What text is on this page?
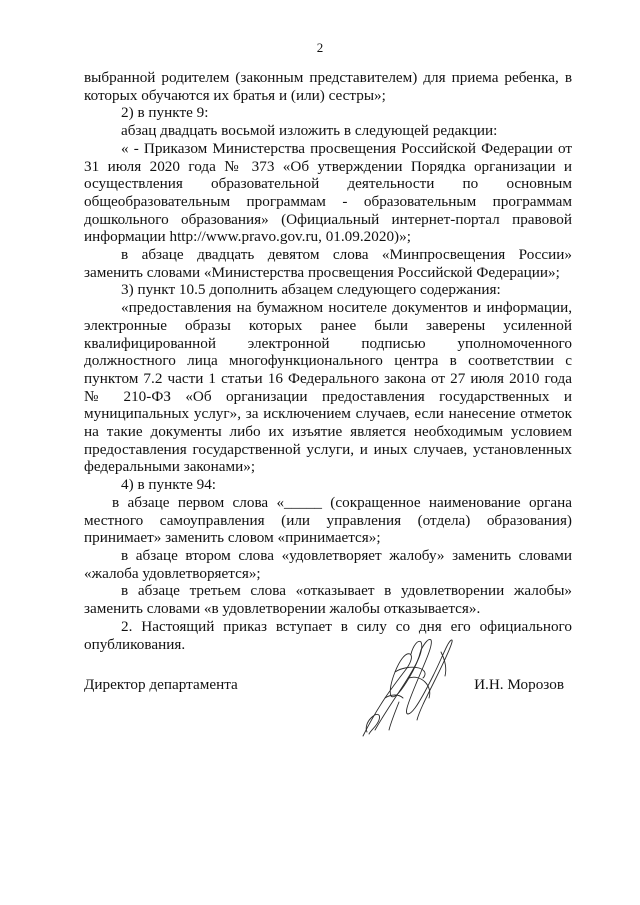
2

выбранной родителем (законным представителем) для приема ребенка, в которых обучаются их братья и (или) сестры»;

2) в пункте 9:

абзац двадцать восьмой изложить в следующей редакции:

« - Приказом Министерства просвещения Российской Федерации от 31 июля 2020 года № 373 «Об утверждении Порядка организации и осуществления образовательной деятельности по основным общеобразовательным программам - образовательным программам дошкольного образования» (Официальный интернет-портал правовой информации http://www.pravo.gov.ru, 01.09.2020)»;

в абзаце двадцать девятом слова «Минпросвещения России» заменить словами «Министерства просвещения Российской Федерации»;

3) пункт 10.5 дополнить абзацем следующего содержания:

«предоставления на бумажном носителе документов и информации, электронные образы которых ранее были заверены усиленной квалифицированной электронной подписью уполномоченного должностного лица многофункционального центра в соответствии с пунктом 7.2 части 1 статьи 16 Федерального закона от 27 июля 2010 года № 210-ФЗ «Об организации предоставления государственных и муниципальных услуг», за исключением случаев, если нанесение отметок на такие документы либо их изъятие является необходимым условием предоставления государственной услуги, и иных случаев, установленных федеральными законами»;

4) в пункте 94:

в абзаце первом слова «_____ (сокращенное наименование органа местного самоуправления (или управления (отдела) образования) принимает» заменить словом «принимается»;

в абзаце втором слова «удовлетворяет жалобу» заменить словами «жалоба удовлетворяется»;

в абзаце третьем слова «отказывает в удовлетворении жалобы» заменить словами «в удовлетворении жалобы отказывается».

2. Настоящий приказ вступает в силу со дня его официального опубликования.

Директор департамента	И.Н. Морозов
